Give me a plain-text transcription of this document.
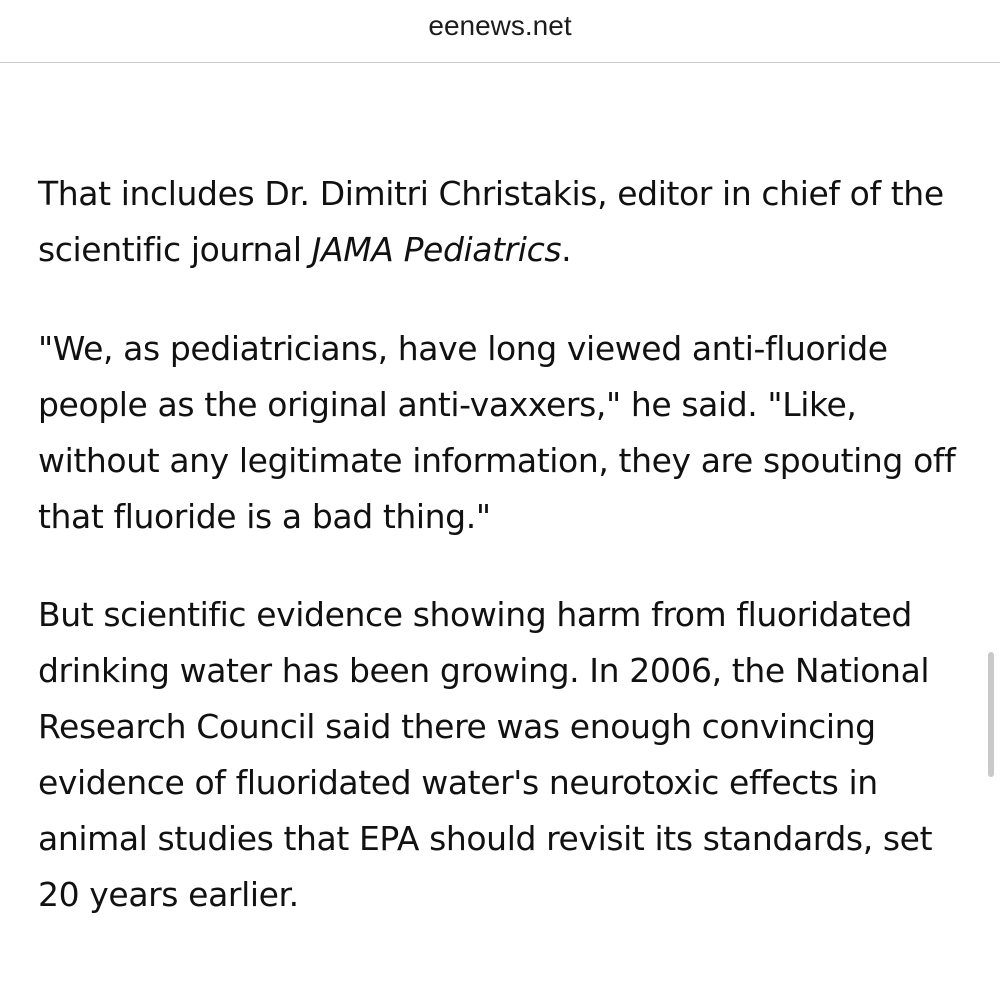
eenews.net

That includes Dr. Dimitri Christakis, editor in chief of the scientific journal JAMA Pediatrics.

"We, as pediatricians, have long viewed anti-fluoride people as the original anti-vaxxers," he said. "Like, without any legitimate information, they are spouting off that fluoride is a bad thing."

But scientific evidence showing harm from fluoridated drinking water has been growing. In 2006, the National Research Council said there was enough convincing evidence of fluoridated water's neurotoxic effects in animal studies that EPA should revisit its standards, set 20 years earlier.
